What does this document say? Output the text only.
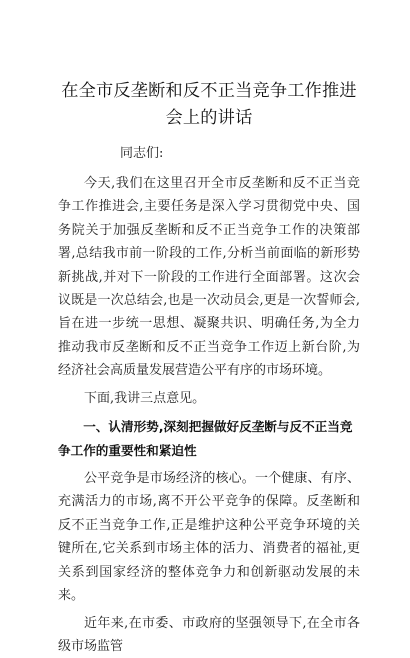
在全市反垄断和反不正当竞争工作推进会上的讲话

同志们:

今天,我们在这里召开全市反垄断和反不正当竞争工作推进会,主要任务是深入学习贯彻党中央、国务院关于加强反垄断和反不正当竞争工作的决策部署,总结我市前一阶段的工作,分析当前面临的新形势新挑战,并对下一阶段的工作进行全面部署。这次会议既是一次总结会,也是一次动员会,更是一次誓师会,旨在进一步统一思想、凝聚共识、明确任务,为全力推动我市反垄断和反不正当竞争工作迈上新台阶,为经济社会高质量发展营造公平有序的市场环境。

下面,我讲三点意见。

一、认清形势,深刻把握做好反垄断与反不正当竞争工作的重要性和紧迫性

公平竞争是市场经济的核心。一个健康、有序、充满活力的市场,离不开公平竞争的保障。反垄断和反不正当竞争工作,正是维护这种公平竞争环境的关键所在,它关系到市场主体的活力、消费者的福祉,更关系到国家经济的整体竞争力和创新驱动发展的未来。

近年来,在市委、市政府的坚强领导下,在全市各级市场监管
